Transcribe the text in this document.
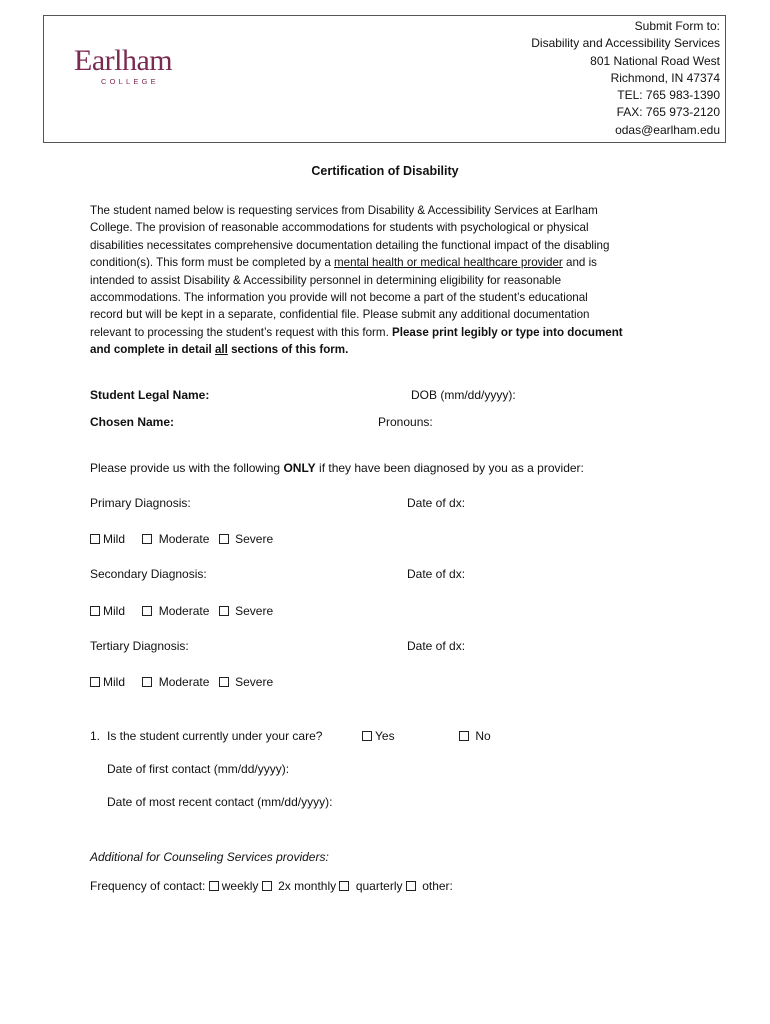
Earlham
COLLEGE
Submit Form to:
Disability and Accessibility Services
801 National Road West
Richmond, IN 47374
TEL: 765 983-1390
FAX: 765 973-2120
odas@earlham.edu
Certification of Disability
The student named below is requesting services from Disability & Accessibility Services at Earlham
College. The provision of reasonable accommodations for students with psychological or physical
disabilities necessitates comprehensive documentation detailing the functional impact of the disabling
condition(s). This form must be completed by a mental health or medical healthcare provider and is
intended to assist Disability & Accessibility personnel in determining eligibility for reasonable
accommodations. The information you provide will not become a part of the student’s educational
record but will be kept in a separate, confidential file. Please submit any additional documentation
relevant to processing the student’s request with this form. Please print legibly or type into document
and complete in detail all sections of this form.
Student Legal Name:	DOB (mm/dd/yyyy):
Chosen Name:	Pronouns:
Please provide us with the following ONLY if they have been diagnosed by you as a provider:
Primary Diagnosis:	Date of dx:
Mild	Moderate Severe
Secondary Diagnosis:	Date of dx:
Mild	Moderate Severe
Tertiary Diagnosis:	Date of dx:
Mild	Moderate Severe
1. Is the student currently under your care?	Yes	No
Date of first contact (mm/dd/yyyy):
Date of most recent contact (mm/dd/yyyy):
Additional for Counseling Services providers:
Frequency of contact: weekly 2x monthly quarterly other:
